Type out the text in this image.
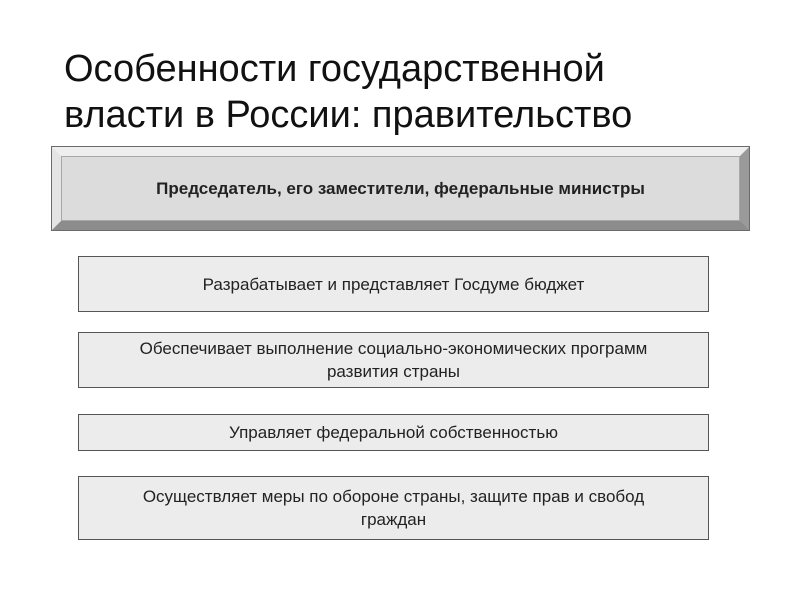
Особенности государственной
власти в России: правительство
Председатель, его заместители, федеральные министры
Разрабатывает и представляет Госдуме бюджет
Обеспечивает выполнение социально-экономических программ развития страны
Управляет федеральной собственностью
Осуществляет меры по обороне страны, защите прав и свобод граждан
